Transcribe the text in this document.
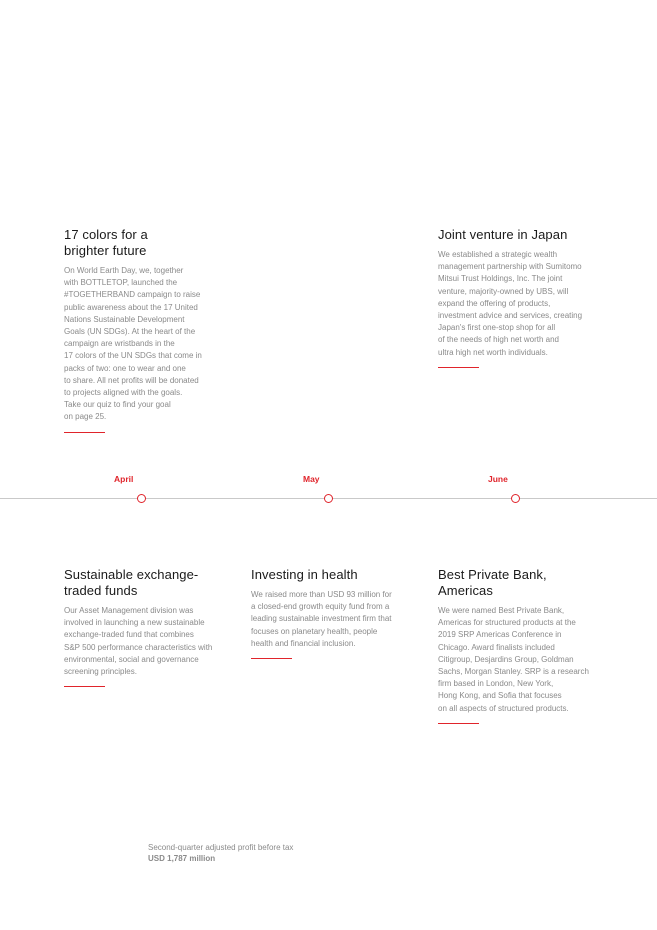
17 colors for a
brighter future

On World Earth Day, we, together
with BOTTLETOP, launched the
#TOGETHERBAND campaign to raise
public awareness about the 17 United
Nations Sustainable Development
Goals (UN SDGs). At the heart of the
campaign are wristbands in the
17 colors of the UN SDGs that come in
packs of two: one to wear and one
to share. All net profits will be donated
to projects aligned with the goals.
Take our quiz to find your goal
on page 25.

Joint venture in Japan

We established a strategic wealth
management partnership with Sumitomo
Mitsui Trust Holdings, Inc. The joint
venture, majority-owned by UBS, will
expand the offering of products,
investment advice and services, creating
Japan's first one-stop shop for all
of the needs of high net worth and
ultra high net worth individuals.

April	May	June
Sustainable exchange-
traded funds

Our Asset Management division was
involved in launching a new sustainable
exchange-traded fund that combines
S&P 500 performance characteristics with
environmental, social and governance
screening principles.

Investing in health

We raised more than USD 93 million for
a closed-end growth equity fund from a
leading sustainable investment firm that
focuses on planetary health, people
health and financial inclusion.

Best Private Bank,
Americas

We were named Best Private Bank,
Americas for structured products at the
2019 SRP Americas Conference in
Chicago. Award finalists included
Citigroup, Desjardins Group, Goldman
Sachs, Morgan Stanley. SRP is a research
firm based in London, New York,
Hong Kong, and Sofia that focuses
on all aspects of structured products.

Second-quarter adjusted profit before tax
USD 1,787 million
